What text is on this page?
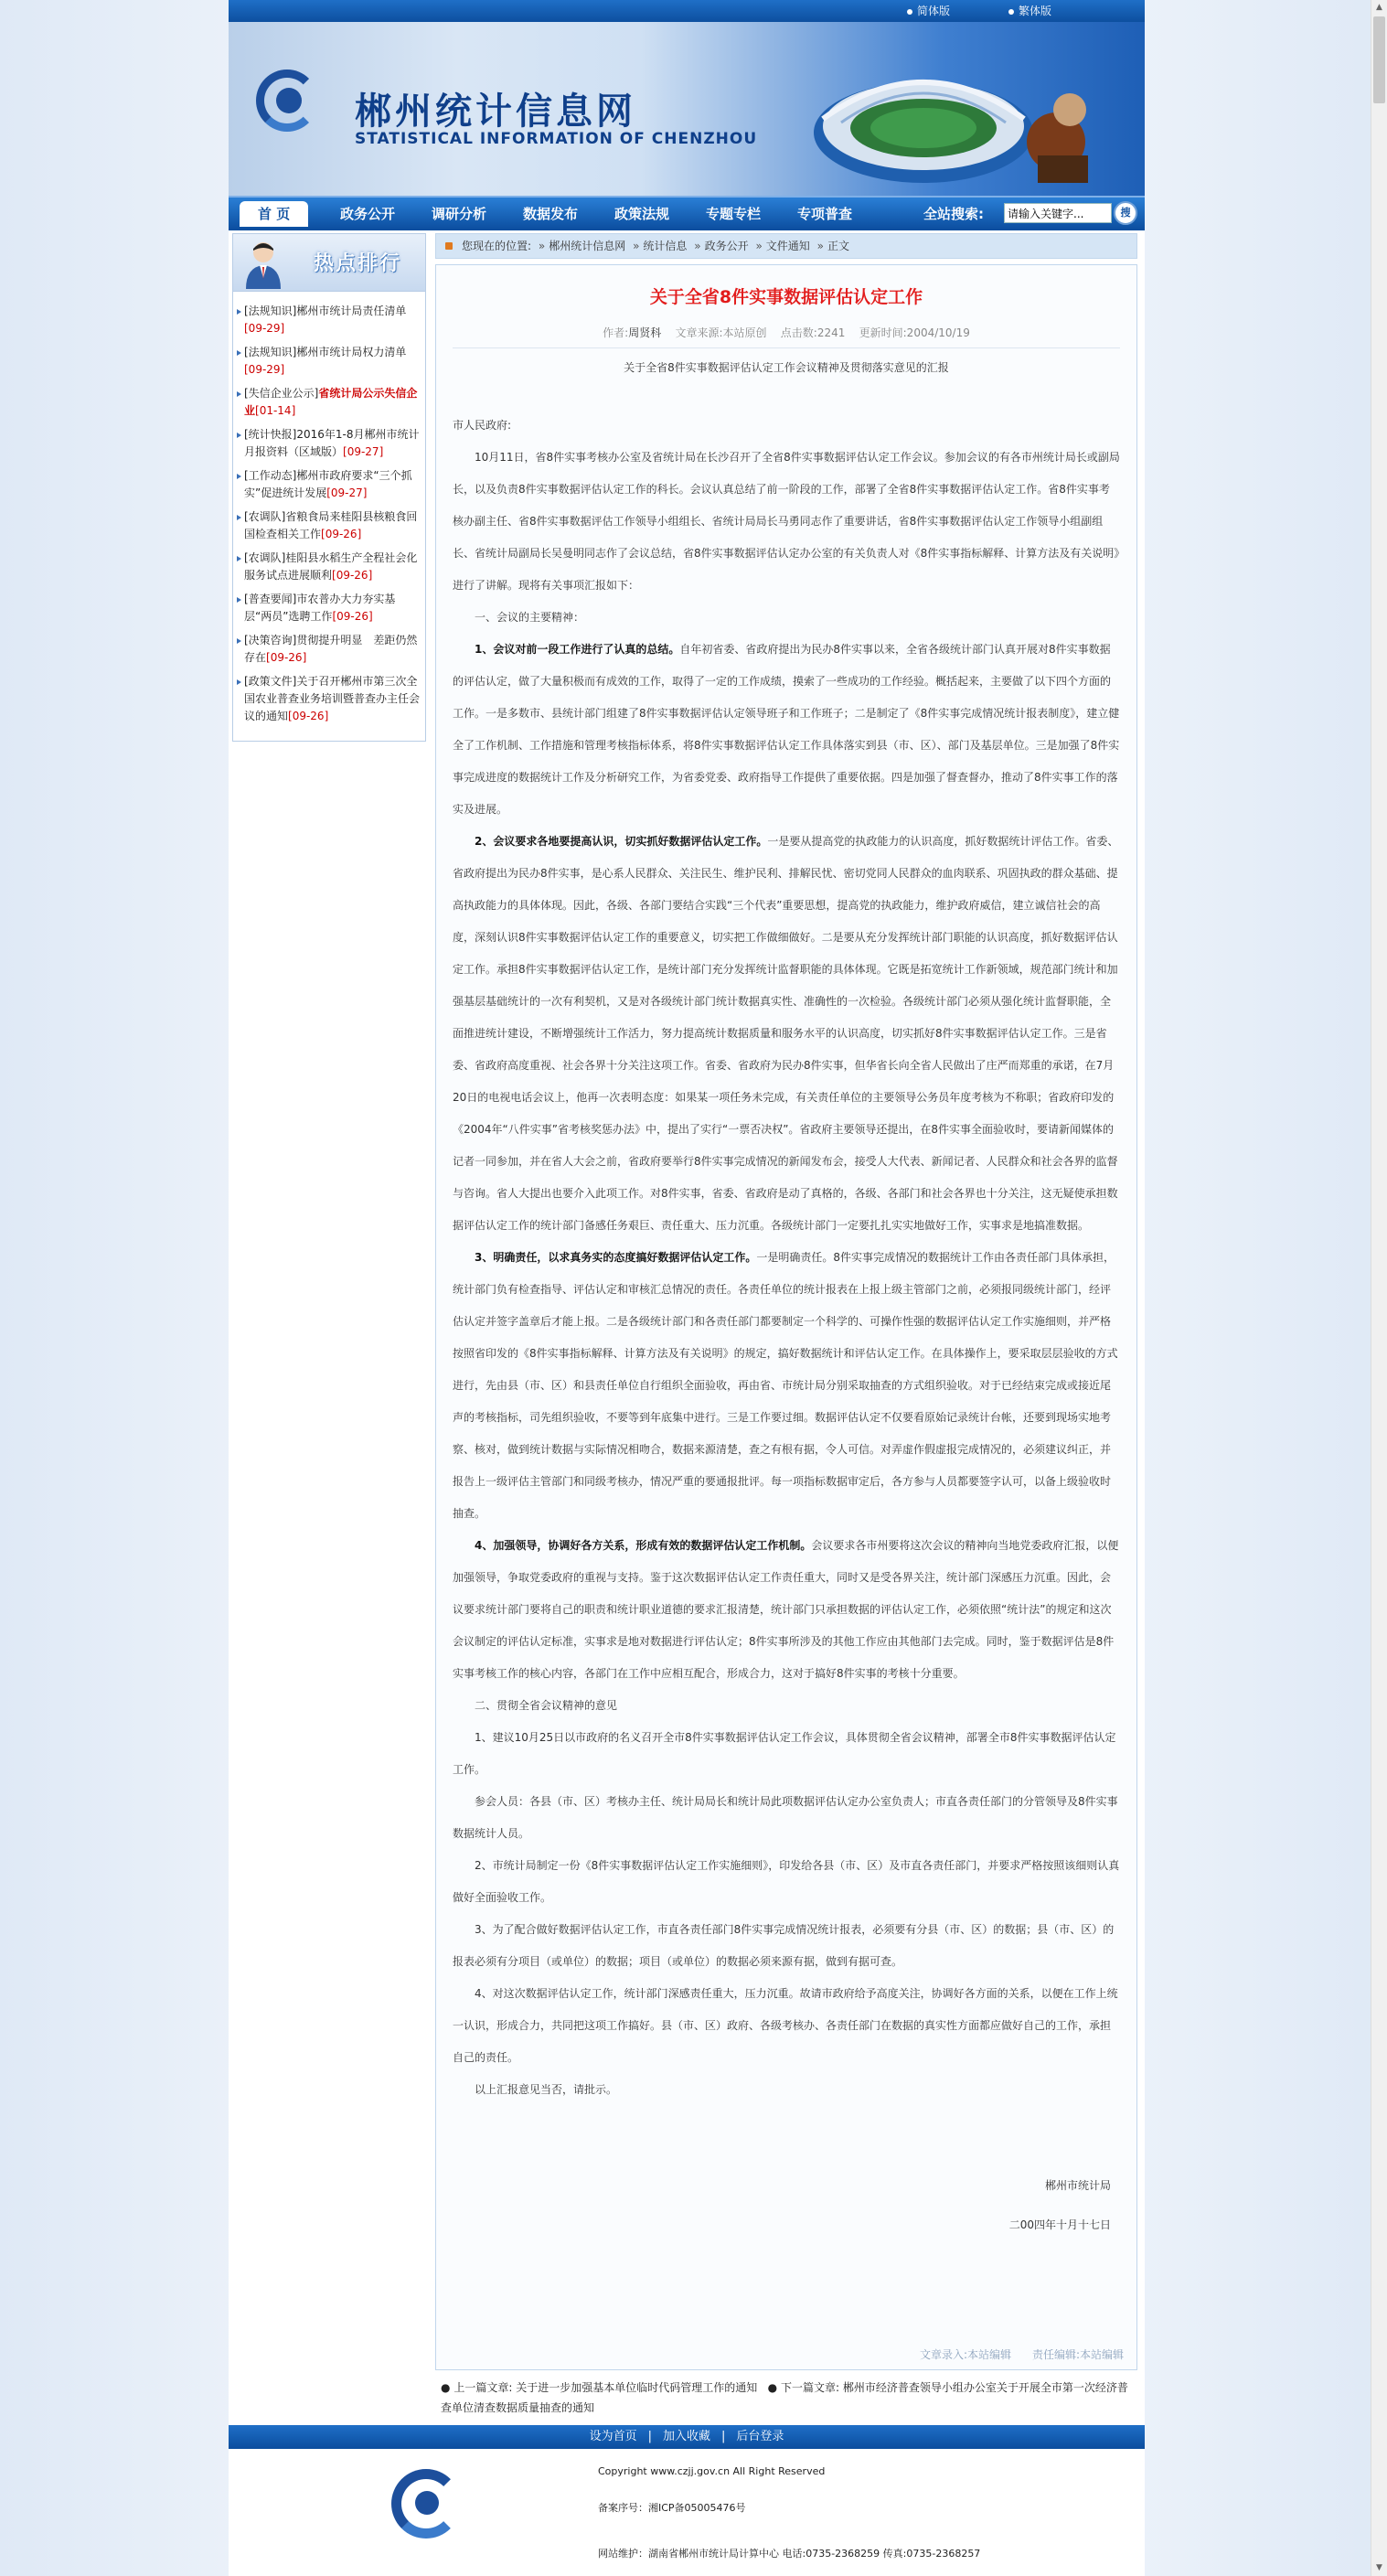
▲
▼
简体版	繁体版
郴州统计信息网
STATISTICAL INFORMATION OF CHENZHOU
首 页	政务公开	调研分析	数据发布	政策法规	专题专栏	专项普查	全站搜索:
请输入关键字...	搜
热点排行
[法规知识]郴州市统计局责任清单
[09-29]
[法规知识]郴州市统计局权力清单
[09-29]
[失信企业公示]省统计局公示失信企业[01-14]
[统计快报]2016年1-8月郴州市统计月报资料（区域版）[09-27]
[工作动态]郴州市政府要求“三个抓实”促进统计发展[09-27]
[农调队]省粮食局来桂阳县核粮食回国检查相关工作[09-26]
[农调队]桂阳县水稻生产全程社会化服务试点进展顺利[09-26]
[普查要闻]市农普办大力夯实基层“两员”选聘工作[09-26]
[决策咨询]贯彻提升明显　差距仍然存在[09-26]
[政策文件]关于召开郴州市第三次全国农业普查业务培训暨普查办主任会议的通知[09-26]
您现在的位置: » 郴州统计信息网 » 统计信息 » 政务公开 » 文件通知 » 正文
关于全省8件实事数据评估认定工作
作者:周贤科 文章来源:本站原创 点击数:2241 更新时间:2004/10/19
关于全省8件实事数据评估认定工作会议精神及贯彻落实意见的汇报

市人民政府:

10月11日，省8件实事考核办公室及省统计局在长沙召开了全省8件实事数据评估认定工作会议。参加会议的有各市州统计局长或副局长，以及负责8件实事数据评估认定工作的科长。会议认真总结了前一阶段的工作，部署了全省8件实事数据评估认定工作。省8件实事考核办副主任、省8件实事数据评估工作领导小组组长、省统计局局长马勇同志作了重要讲话，省8件实事数据评估认定工作领导小组副组长、省统计局副局长吴曼明同志作了会议总结，省8件实事数据评估认定办公室的有关负责人对《8件实事指标解释、计算方法及有关说明》进行了讲解。现将有关事项汇报如下：

一、会议的主要精神：

1、会议对前一段工作进行了认真的总结。自年初省委、省政府提出为民办8件实事以来，全省各级统计部门认真开展对8件实事数据的评估认定，做了大量积极而有成效的工作，取得了一定的工作成绩，摸索了一些成功的工作经验。概括起来，主要做了以下四个方面的工作。一是多数市、县统计部门组建了8件实事数据评估认定领导班子和工作班子；二是制定了《8件实事完成情况统计报表制度》，建立健全了工作机制、工作措施和管理考核指标体系，将8件实事数据评估认定工作具体落实到县（市、区）、部门及基层单位。三是加强了8件实事完成进度的数据统计工作及分析研究工作，为省委党委、政府指导工作提供了重要依据。四是加强了督查督办，推动了8件实事工作的落实及进展。

2、会议要求各地要提高认识，切实抓好数据评估认定工作。一是要从提高党的执政能力的认识高度，抓好数据统计评估工作。省委、省政府提出为民办8件实事，是心系人民群众、关注民生、维护民利、排解民忧、密切党同人民群众的血肉联系、巩固执政的群众基础、提高执政能力的具体体现。因此，各级、各部门要结合实践“三个代表”重要思想，提高党的执政能力，维护政府威信，建立诚信社会的高度，深刻认识8件实事数据评估认定工作的重要意义，切实把工作做细做好。二是要从充分发挥统计部门职能的认识高度，抓好数据评估认定工作。承担8件实事数据评估认定工作，是统计部门充分发挥统计监督职能的具体体现。它既是拓宽统计工作新领域，规范部门统计和加强基层基础统计的一次有利契机，又是对各级统计部门统计数据真实性、准确性的一次检验。各级统计部门必须从强化统计监督职能，全面推进统计建设，不断增强统计工作活力，努力提高统计数据质量和服务水平的认识高度，切实抓好8件实事数据评估认定工作。三是省委、省政府高度重视、社会各界十分关注这项工作。省委、省政府为民办8件实事，但华省长向全省人民做出了庄严而郑重的承诺，在7月20日的电视电话会议上，他再一次表明态度：如果某一项任务未完成，有关责任单位的主要领导公务员年度考核为不称职；省政府印发的《2004年“八件实事”省考核奖惩办法》中，提出了实行“一票否决权”。省政府主要领导还提出，在8件实事全面验收时，要请新闻媒体的记者一同参加，并在省人大会之前，省政府要举行8件实事完成情况的新闻发布会，接受人大代表、新闻记者、人民群众和社会各界的监督与咨询。省人大提出也要介入此项工作。对8件实事，省委、省政府是动了真格的，各级、各部门和社会各界也十分关注，这无疑使承担数据评估认定工作的统计部门备感任务艰巨、责任重大、压力沉重。各级统计部门一定要扎扎实实地做好工作，实事求是地搞准数据。

3、明确责任，以求真务实的态度搞好数据评估认定工作。一是明确责任。8件实事完成情况的数据统计工作由各责任部门具体承担，统计部门负有检查指导、评估认定和审核汇总情况的责任。各责任单位的统计报表在上报上级主管部门之前，必须报同级统计部门，经评估认定并签字盖章后才能上报。二是各级统计部门和各责任部门都要制定一个科学的、可操作性强的数据评估认定工作实施细则，并严格按照省印发的《8件实事指标解释、计算方法及有关说明》的规定，搞好数据统计和评估认定工作。在具体操作上，要采取层层验收的方式进行，先由县（市、区）和县责任单位自行组织全面验收，再由省、市统计局分别采取抽查的方式组织验收。对于已经结束完成或接近尾声的考核指标，司先组织验收，不要等到年底集中进行。三是工作要过细。数据评估认定不仅要看原始记录统计台帐，还要到现场实地考察、核对，做到统计数据与实际情况相吻合，数据来源清楚，查之有根有据，令人可信。对弄虚作假虚报完成情况的，必须建议纠正，并报告上一级评估主管部门和同级考核办，情况严重的要通报批评。每一项指标数据审定后，各方参与人员都要签字认可，以备上级验收时抽查。

4、加强领导，协调好各方关系，形成有效的数据评估认定工作机制。会议要求各市州要将这次会议的精神向当地党委政府汇报，以便加强领导，争取党委政府的重视与支持。鉴于这次数据评估认定工作责任重大，同时又是受各界关注，统计部门深感压力沉重。因此，会议要求统计部门要将自己的职责和统计职业道德的要求汇报清楚，统计部门只承担数据的评估认定工作，必须依照“统计法”的规定和这次会议制定的评估认定标准，实事求是地对数据进行评估认定；8件实事所涉及的其他工作应由其他部门去完成。同时，鉴于数据评估是8件实事考核工作的核心内容，各部门在工作中应相互配合，形成合力，这对于搞好8件实事的考核十分重要。

二、贯彻全省会议精神的意见

1、建议10月25日以市政府的名义召开全市8件实事数据评估认定工作会议，具体贯彻全省会议精神，部署全市8件实事数据评估认定工作。

参会人员：各县（市、区）考核办主任、统计局局长和统计局此项数据评估认定办公室负责人；市直各责任部门的分管领导及8件实事数据统计人员。

2、市统计局制定一份《8件实事数据评估认定工作实施细则》，印发给各县（市、区）及市直各责任部门，并要求严格按照该细则认真做好全面验收工作。

3、为了配合做好数据评估认定工作，市直各责任部门8件实事完成情况统计报表，必须要有分县（市、区）的数据；县（市、区）的报表必须有分项目（或单位）的数据；项目（或单位）的数据必须来源有据，做到有据可查。

4、对这次数据评估认定工作，统计部门深感责任重大，压力沉重。故请市政府给予高度关注，协调好各方面的关系，以便在工作上统一认识，形成合力，共同把这项工作搞好。县（市、区）政府、各级考核办、各责任部门在数据的真实性方面都应做好自己的工作，承担自己的责任。

以上汇报意见当否，请批示。

郴州市统计局

二00四年十月十七日

文章录入:本站编辑 责任编辑:本站编辑
● 上一篇文章: 关于进一步加强基本单位临时代码管理工作的通知 ● 下一篇文章: 郴州市经济普查领导小组办公室关于开展全市第一次经济普查单位清查数据质量抽查的通知
设为首页 | 加入收藏 | 后台登录
Copyright www.czjj.gov.cn All Right Reserved
备案序号：湘ICP备05005476号
网站维护：湖南省郴州市统计局计算中心 电话:0735-2368259 传真:0735-2368257
